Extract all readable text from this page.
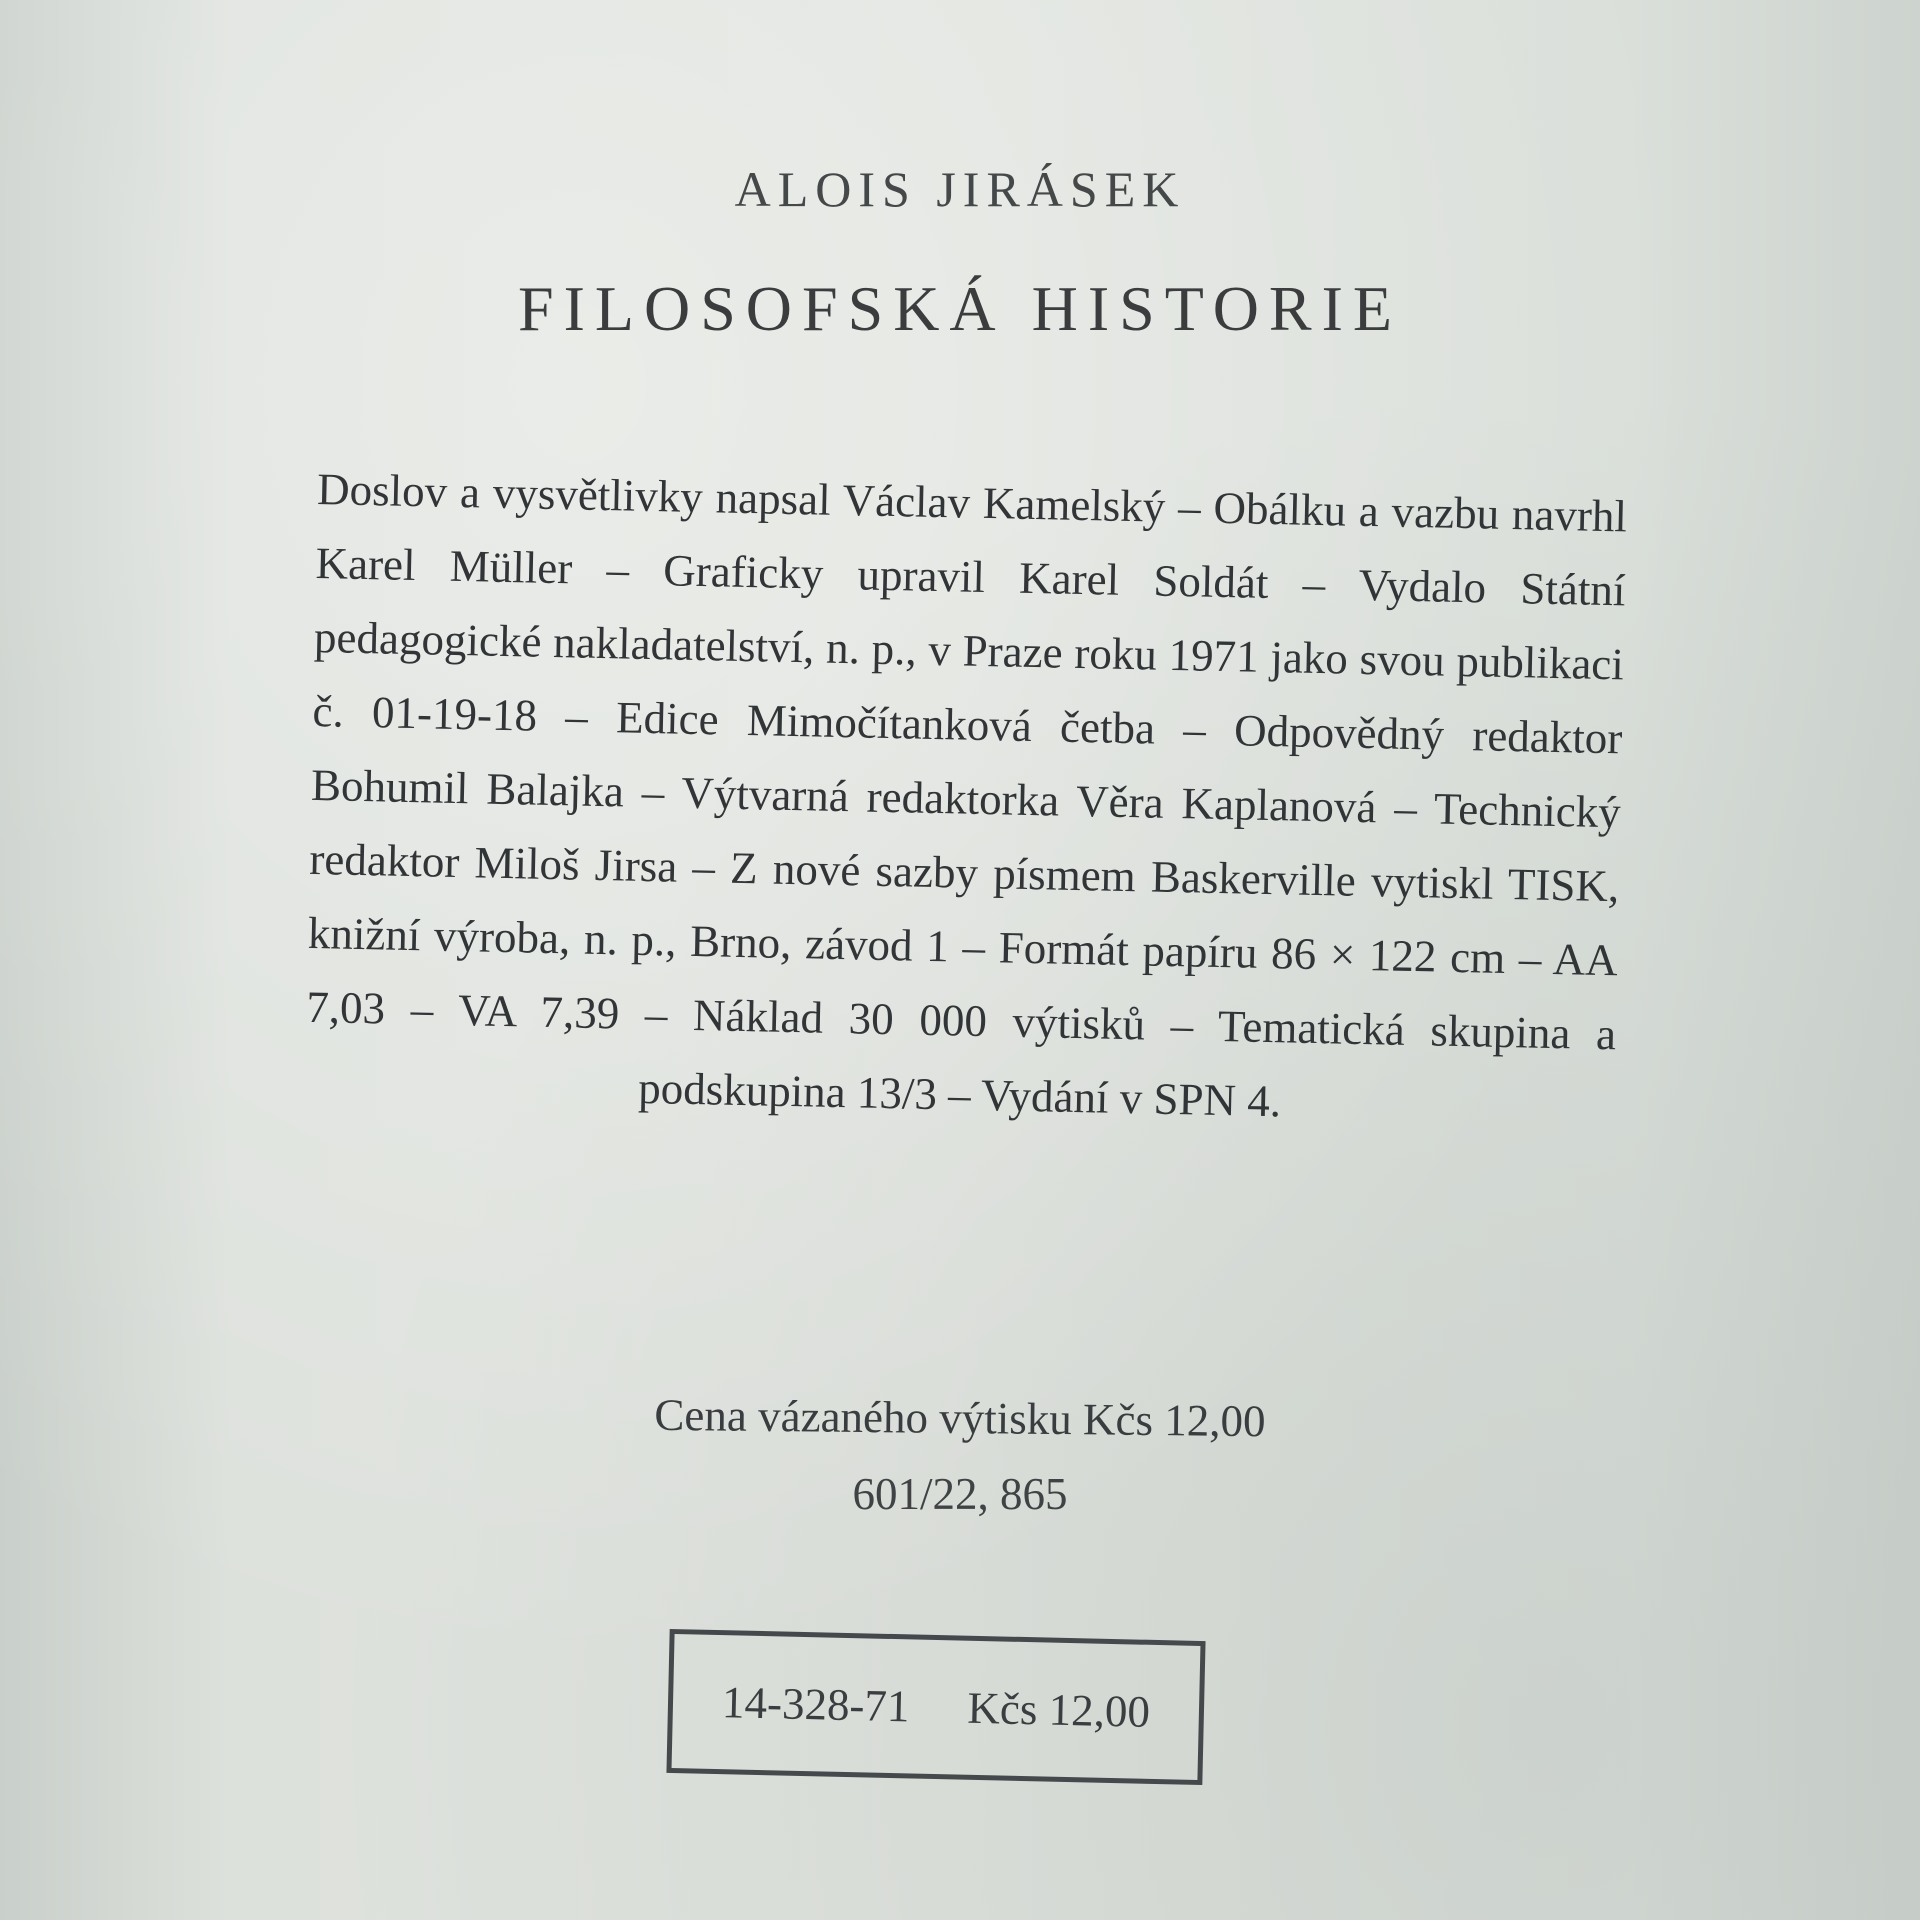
ALOIS JIRÁSEK
FILOSOFSKÁ HISTORIE
Doslov a vysvětlivky napsal Václav Kamelský – Obálku a vazbu navrhl Karel Müller – Graficky upravil Karel Soldát – Vydalo Státní pedagogické nakladatelství, n. p., v Praze roku 1971 jako svou publikaci č. 01-19-18 – Edice Mimočítanková četba – Odpovědný redaktor Bohumil Balajka – Výtvarná redaktorka Věra Kaplanová – Technický redaktor Miloš Jirsa – Z nové sazby písmem Baskerville vytiskl TISK, knižní výroba, n. p., Brno, závod 1 – Formát papíru 86 × 122 cm – AA 7,03 – VA 7,39 – Náklad 30 000 výtisků – Tematická skupina a podskupina 13/3 – Vydání v SPN 4.
Cena vázaného výtisku Kčs 12,00
601/22, 865
14-328-71 Kčs 12,00
